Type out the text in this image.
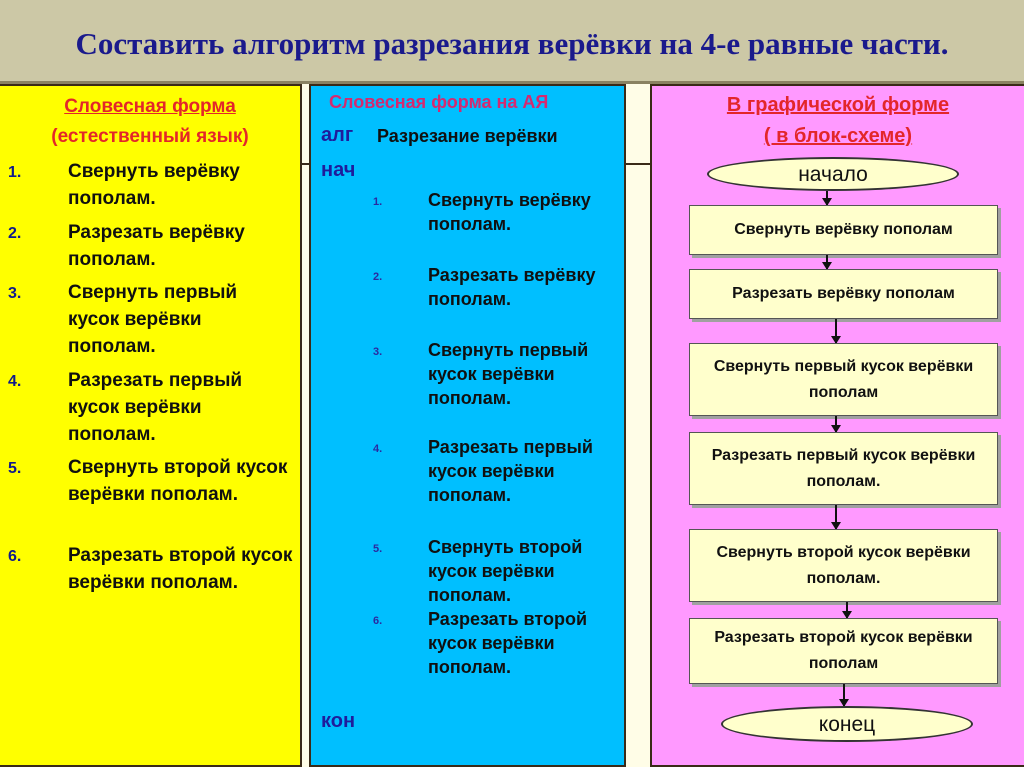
Составить алгоритм разрезания верёвки на 4-е равные части.
Словесная форма
(естественный язык)
1. Свернуть верёвку пополам.
2. Разрезать верёвку пополам.
3. Свернуть первый кусок верёвки пополам.
4. Разрезать первый кусок верёвки пополам.
5. Свернуть второй кусок верёвки пополам.
6. Разрезать второй кусок верёвки пополам.
Словесная форма на АЯ
алг Разрезание верёвки
нач
1.	Свернуть верёвку пополам.
2.	Разрезать верёвку пополам.
3.	Свернуть первый кусок верёвки пополам.
4.	Разрезать первый кусок верёвки пополам.
5.	Свернуть второй кусок верёвки пополам.
6.	Разрезать второй кусок верёвки пополам.
кон
В графической форме
( в блок-схеме)
начало
Свернуть верёвку пополам
Разрезать верёвку пополам
Свернуть первый кусок верёвки пополам
Разрезать первый кусок верёвки пополам.
Свернуть второй кусок верёвки пополам.
Разрезать второй кусок верёвки пополам
конец
